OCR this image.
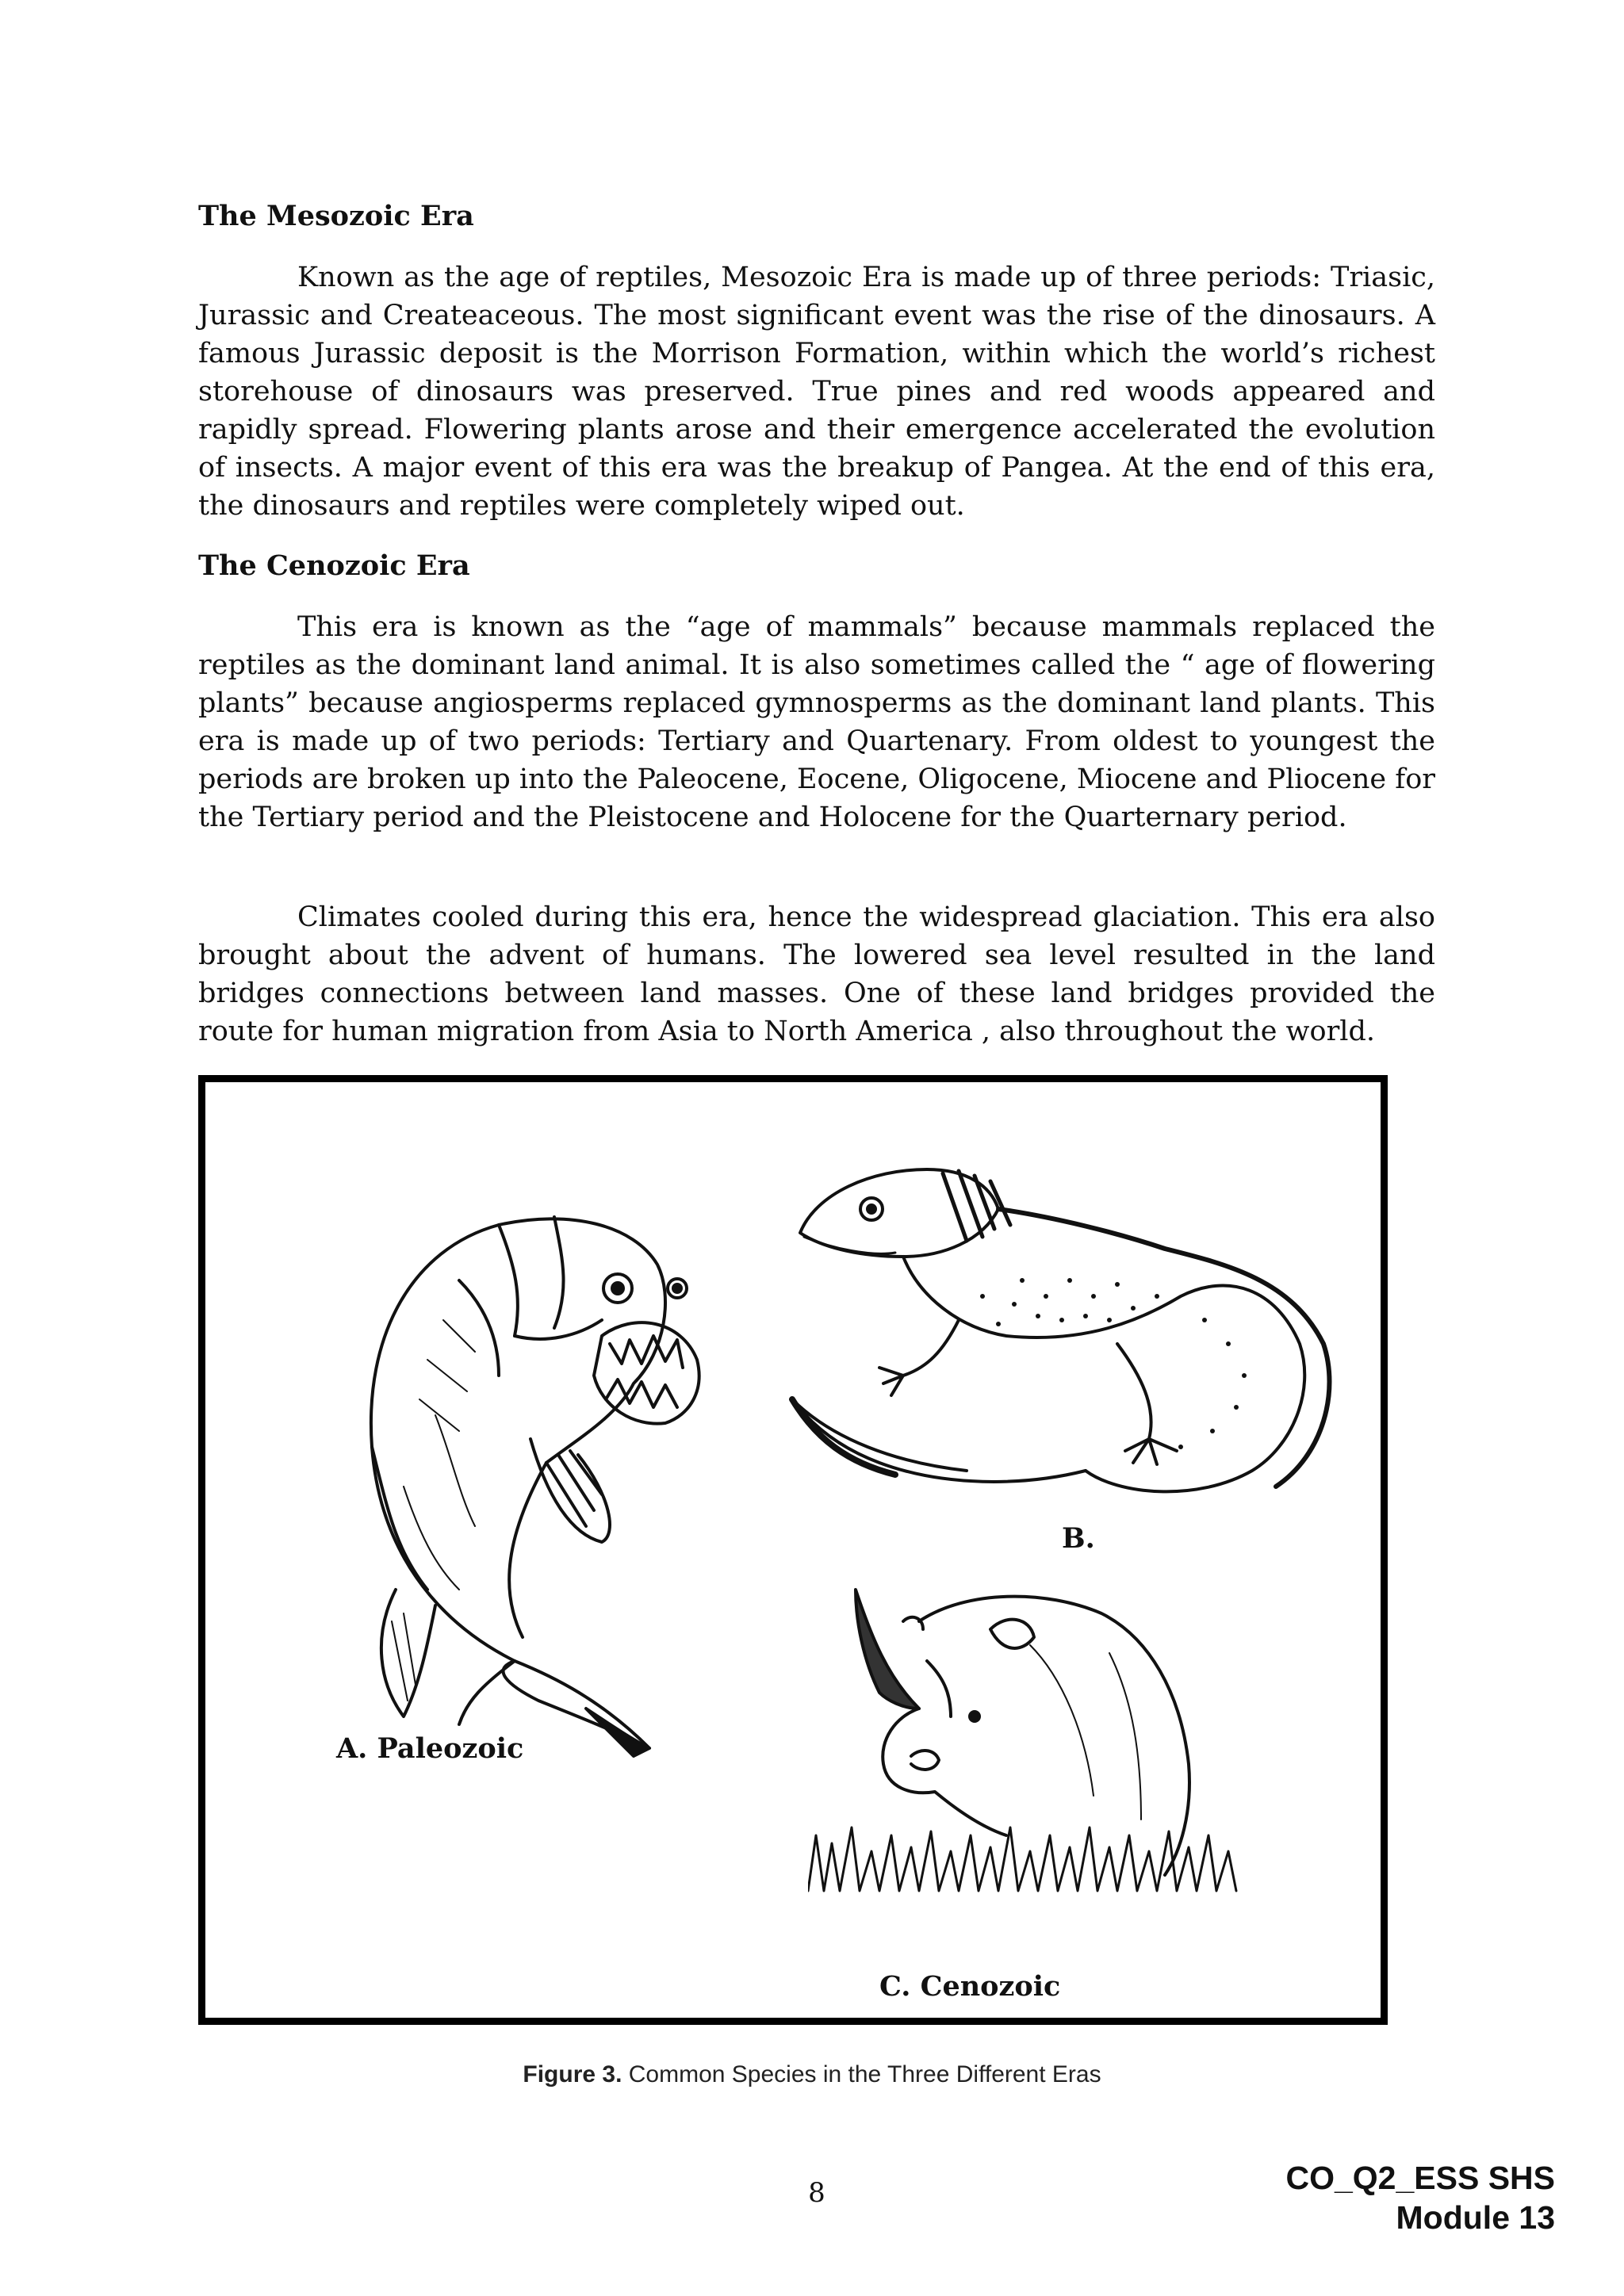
The Mesozoic Era

Known as the age of reptiles, Mesozoic Era is made up of three periods: Triasic, Jurassic and Createaceous. The most significant event was the rise of the dinosaurs. A famous Jurassic deposit is the Morrison Formation, within which the world’s richest storehouse of dinosaurs was preserved. True pines and red woods appeared and rapidly spread. Flowering plants arose and their emergence accelerated the evolution of insects. A major event of this era was the breakup of Pangea. At the end of this era, the dinosaurs and reptiles were completely wiped out.

The Cenozoic Era

This era is known as the “age of mammals” because mammals replaced the reptiles as the dominant land animal. It is also sometimes called the “ age of flowering plants” because angiosperms replaced gymnosperms as the dominant land plants. This era is made up of two periods: Tertiary and Quartenary. From oldest to youngest the periods are broken up into the Paleocene, Eocene, Oligocene, Miocene and Pliocene for the Tertiary period and the Pleistocene and Holocene for the Quarternary period.

Climates cooled during this era, hence the widespread glaciation. This era also brought about the advent of humans. The lowered sea level resulted in the land bridges connections between land masses. One of these land bridges provided the route for human migration from Asia to North America , also throughout the world.

A. Paleozoic
B.
C. Cenozoic
Figure 3. Common Species in the Three Different Eras
8	CO_Q2_ESS SHS
Module 13
